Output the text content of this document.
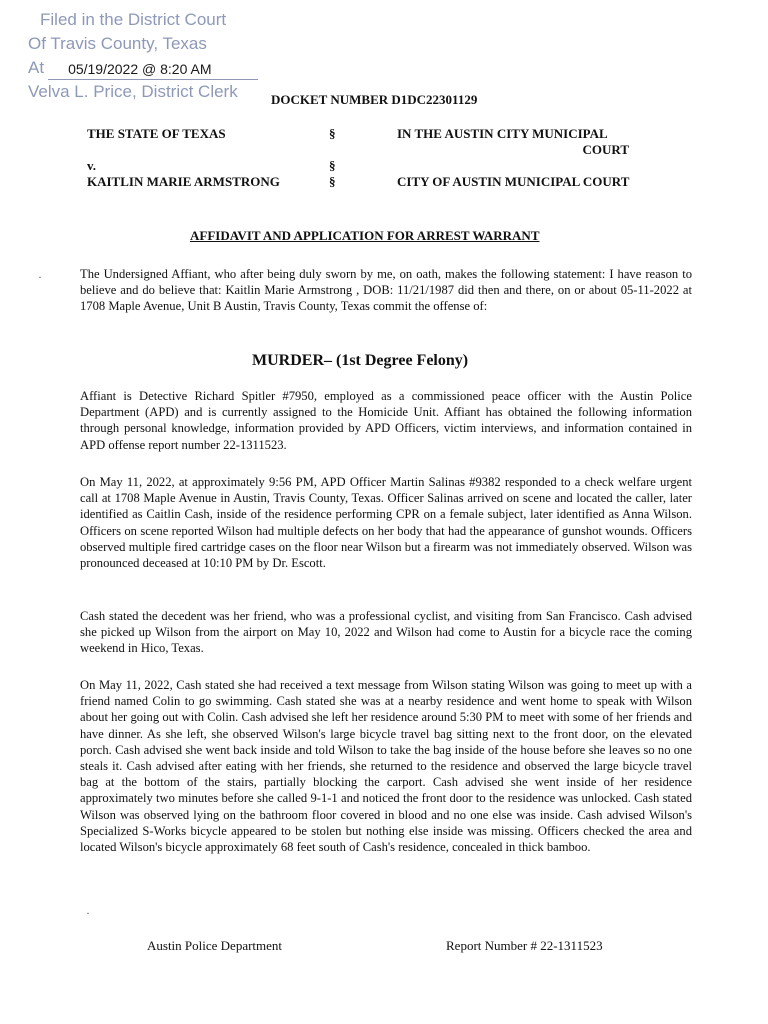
Filed in the District Court
Of Travis County, Texas
At	05/19/2022 @ 8:20 AM
Velva L. Price, District Clerk	DOCKET NUMBER D1DC22301129
THE STATE OF TEXAS	§	IN THE AUSTIN CITY MUNICIPAL
COURT
v.	§
KAITLIN MARIE ARMSTRONG	§	CITY OF AUSTIN MUNICIPAL COURT
AFFIDAVIT AND APPLICATION FOR ARREST WARRANT
·	The Undersigned Affiant, who after being duly sworn by me, on oath, makes the following statement: I have reason to believe and do believe that: Kaitlin Marie Armstrong , DOB: 11/21/1987 did then and there, on or about 05-11-2022 at 1708 Maple Avenue, Unit B Austin, Travis County, Texas commit the offense of:
MURDER– (1st Degree Felony)
Affiant is Detective Richard Spitler #7950, employed as a commissioned peace officer with the Austin Police Department (APD) and is currently assigned to the Homicide Unit. Affiant has obtained the following information through personal knowledge, information provided by APD Officers, victim interviews, and information contained in APD offense report number 22-1311523.
On May 11, 2022, at approximately 9:56 PM, APD Officer Martin Salinas #9382 responded to a check welfare urgent call at 1708 Maple Avenue in Austin, Travis County, Texas. Officer Salinas arrived on scene and located the caller, later identified as Caitlin Cash, inside of the residence performing CPR on a female subject, later identified as Anna Wilson. Officers on scene reported Wilson had multiple defects on her body that had the appearance of gunshot wounds. Officers observed multiple fired cartridge cases on the floor near Wilson but a firearm was not immediately observed. Wilson was pronounced deceased at 10:10 PM by Dr. Escott.
Cash stated the decedent was her friend, who was a professional cyclist, and visiting from San Francisco. Cash advised she picked up Wilson from the airport on May 10, 2022 and Wilson had come to Austin for a bicycle race the coming weekend in Hico, Texas.
On May 11, 2022, Cash stated she had received a text message from Wilson stating Wilson was going to meet up with a friend named Colin to go swimming. Cash stated she was at a nearby residence and went home to speak with Wilson about her going out with Colin. Cash advised she left her residence around 5:30 PM to meet with some of her friends and have dinner. As she left, she observed Wilson's large bicycle travel bag sitting next to the front door, on the elevated porch. Cash advised she went back inside and told Wilson to take the bag inside of the house before she leaves so no one steals it. Cash advised after eating with her friends, she returned to the residence and observed the large bicycle travel bag at the bottom of the stairs, partially blocking the carport. Cash advised she went inside of her residence approximately two minutes before she called 9-1-1 and noticed the front door to the residence was unlocked. Cash stated Wilson was observed lying on the bathroom floor covered in blood and no one else was inside. Cash advised Wilson's Specialized S-Works bicycle appeared to be stolen but nothing else inside was missing. Officers checked the area and located Wilson's bicycle approximately 68 feet south of Cash's residence, concealed in thick bamboo.
·
Austin Police Department	Report Number # 22-1311523
